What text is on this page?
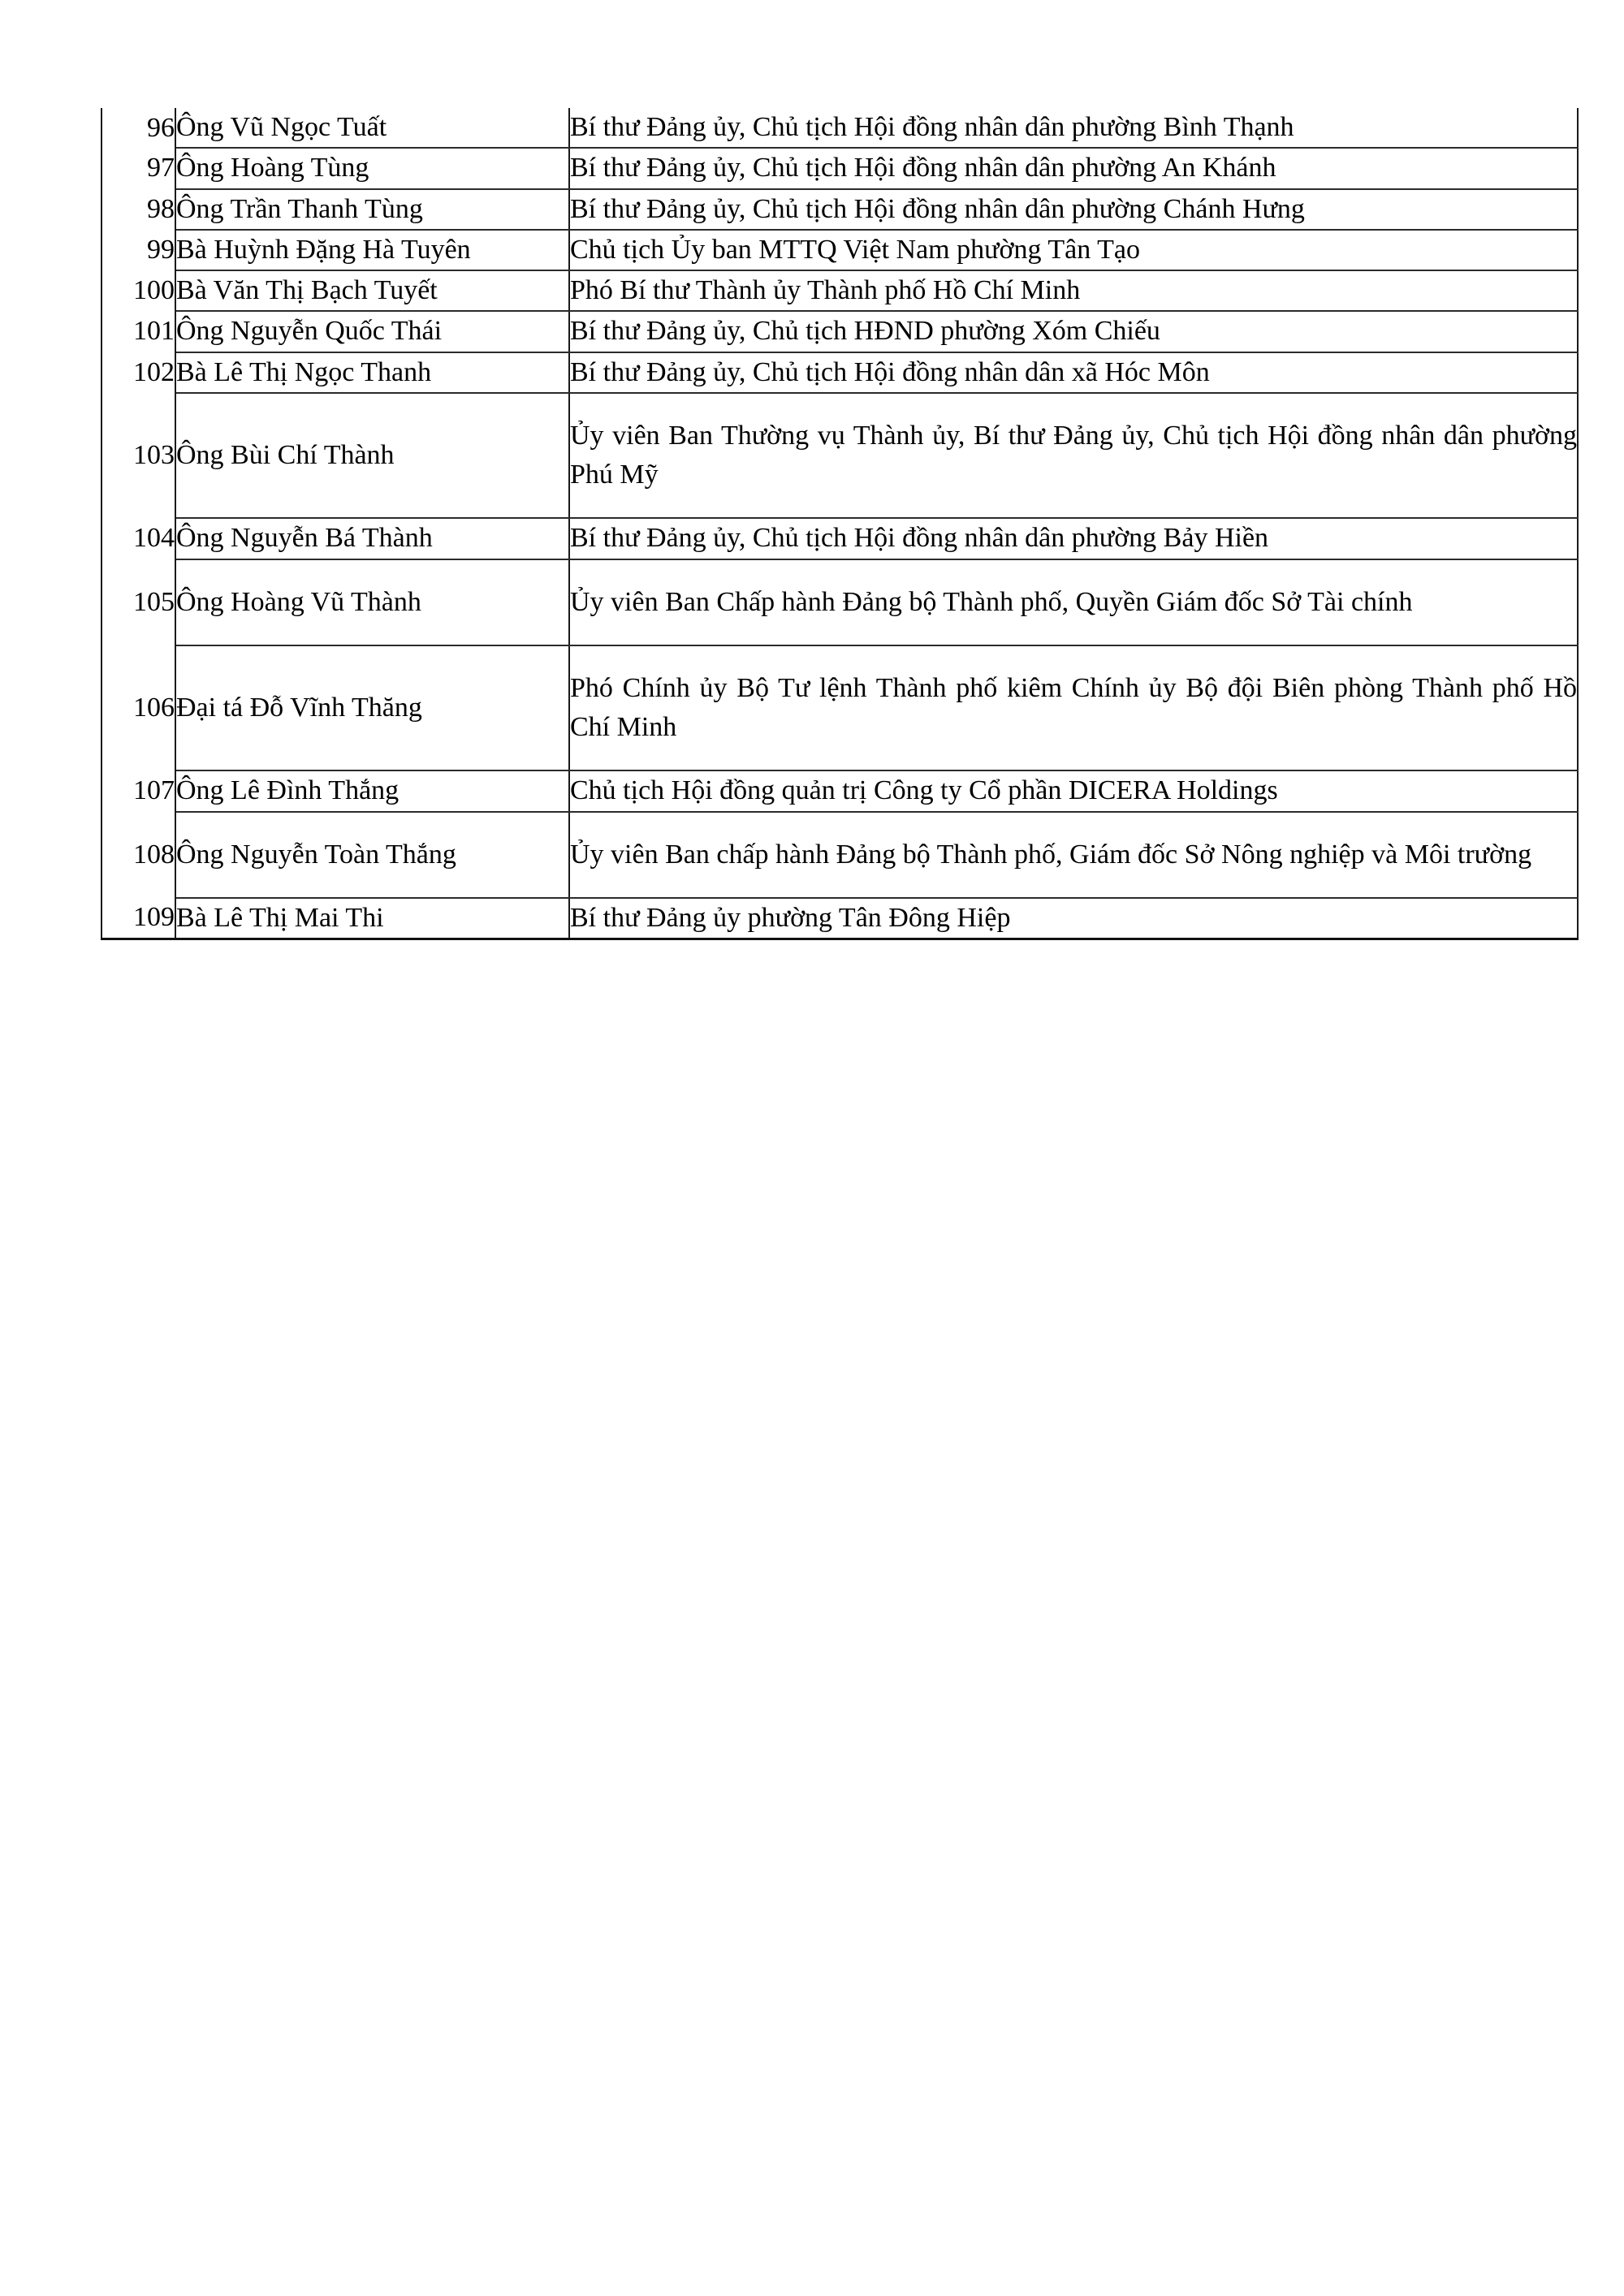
96	Ông Vũ Ngọc Tuất	Bí thư Đảng ủy, Chủ tịch Hội đồng nhân dân phường Bình Thạnh

97	Ông Hoàng Tùng	Bí thư Đảng ủy, Chủ tịch Hội đồng nhân dân phường An Khánh

98	Ông Trần Thanh Tùng	Bí thư Đảng ủy, Chủ tịch Hội đồng nhân dân phường Chánh Hưng

99	Bà Huỳnh Đặng Hà Tuyên	Chủ tịch Ủy ban MTTQ Việt Nam phường Tân Tạo

100	Bà Văn Thị Bạch Tuyết	Phó Bí thư Thành ủy Thành phố Hồ Chí Minh

101	Ông Nguyễn Quốc Thái	Bí thư Đảng ủy, Chủ tịch HĐND phường Xóm Chiếu

102	Bà Lê Thị Ngọc Thanh	Bí thư Đảng ủy, Chủ tịch Hội đồng nhân dân xã Hóc Môn

103	Ông Bùi Chí Thành	Ủy viên Ban Thường vụ Thành ủy, Bí thư Đảng ủy, Chủ tịch Hội đồng nhân dân phường Phú Mỹ

104	Ông Nguyễn Bá Thành	Bí thư Đảng ủy, Chủ tịch Hội đồng nhân dân phường Bảy Hiền

105	Ông Hoàng Vũ Thành	Ủy viên Ban Chấp hành Đảng bộ Thành phố, Quyền Giám đốc Sở Tài chính

106	Đại tá Đỗ Vĩnh Thăng	Phó Chính ủy Bộ Tư lệnh Thành phố kiêm Chính ủy Bộ đội Biên phòng Thành phố Hồ Chí Minh

107	Ông Lê Đình Thắng	Chủ tịch Hội đồng quản trị Công ty Cổ phần DICERA Holdings

108	Ông Nguyễn Toàn Thắng	Ủy viên Ban chấp hành Đảng bộ Thành phố, Giám đốc Sở Nông nghiệp và Môi trường

109	Bà Lê Thị Mai Thi	Bí thư Đảng ủy phường Tân Đông Hiệp
